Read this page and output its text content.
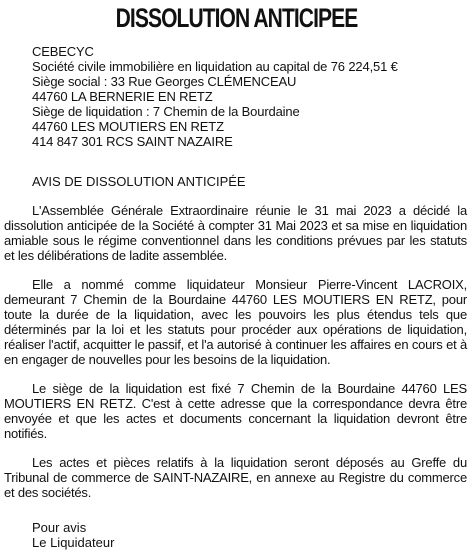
DISSOLUTION ANTICIPEE
CEBECYC
Société civile immobilière en liquidation au capital de 76 224,51 €
Siège social : 33 Rue Georges CLÉMENCEAU
44760 LA BERNERIE EN RETZ
Siège de liquidation : 7 Chemin de la Bourdaine
44760 LES MOUTIERS EN RETZ
414 847 301 RCS SAINT NAZAIRE
AVIS DE DISSOLUTION ANTICIPÉE
L'Assemblée Générale Extraordinaire réunie le 31 mai 2023 a décidé la dissolution anticipée de la Société à compter 31 Mai 2023 et sa mise en liquidation amiable sous le régime conventionnel dans les conditions prévues par les statuts et les délibérations de ladite assemblée.
Elle a nommé comme liquidateur Monsieur Pierre-Vincent LACROIX, demeurant 7 Chemin de la Bourdaine 44760 LES MOUTIERS EN RETZ, pour toute la durée de la liquidation, avec les pouvoirs les plus étendus tels que déterminés par la loi et les statuts pour procéder aux opérations de liquidation, réaliser l'actif, acquitter le passif, et l'a autorisé à continuer les affaires en cours et à en engager de nouvelles pour les besoins de la liquidation.
Le siège de la liquidation est fixé 7 Chemin de la Bourdaine 44760 LES MOUTIERS EN RETZ. C'est à cette adresse que la correspondance devra être envoyée et que les actes et documents concernant la liquidation devront être notifiés.
Les actes et pièces relatifs à la liquidation seront déposés au Greffe du Tribunal de commerce de SAINT-NAZAIRE, en annexe au Registre du commerce et des sociétés.
Pour avis
Le Liquidateur
